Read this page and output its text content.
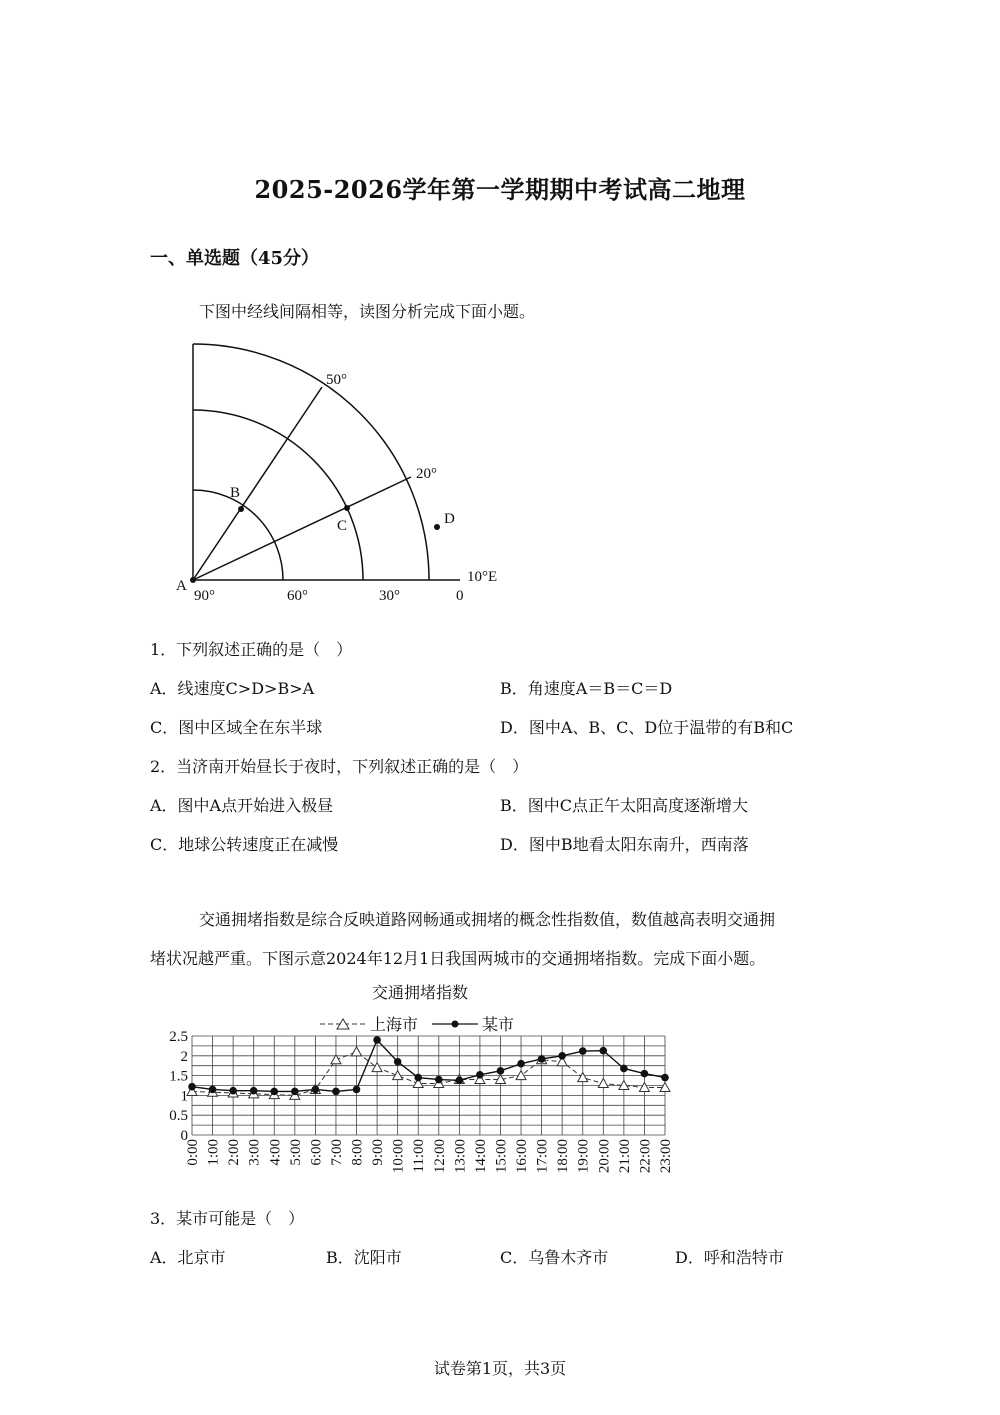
2025-2026学年第一学期期中考试高二地理
一、单选题（45分）
下图中经线间隔相等，读图分析完成下面小题。
A
B
C	D
50°
20°
10°E
90°	60°	30°	0
1．下列叙述正确的是（　）
A．线速度C>D>B>A	B．角速度A＝B＝C＝D
C．图中区域全在东半球	D．图中A、B、C、D位于温带的有B和C
2．当济南开始昼长于夜时，下列叙述正确的是（　）
A．图中A点开始进入极昼	B．图中C点正午太阳高度逐渐增大
C．地球公转速度正在减慢	D．图中B地看太阳东南升，西南落
交通拥堵指数是综合反映道路网畅通或拥堵的概念性指数值，数值越高表明交通拥
堵状况越严重。下图示意2024年12月1日我国两城市的交通拥堵指数。完成下面小题。
交通拥堵指数
上海市	某市
0
0.5
1
1.5
2
2.5
0:00 1:00 2:00 3:00 4:00 5:00 6:00 7:00 8:00 9:00 10:00 11:00 12:00 13:00 14:00 15:00 16:00 17:00 18:00 19:00 20:00 21:00 22:00 23:00
3．某市可能是（　）
A．北京市	B．沈阳市	C．乌鲁木齐市	D．呼和浩特市
试卷第1页，共3页
